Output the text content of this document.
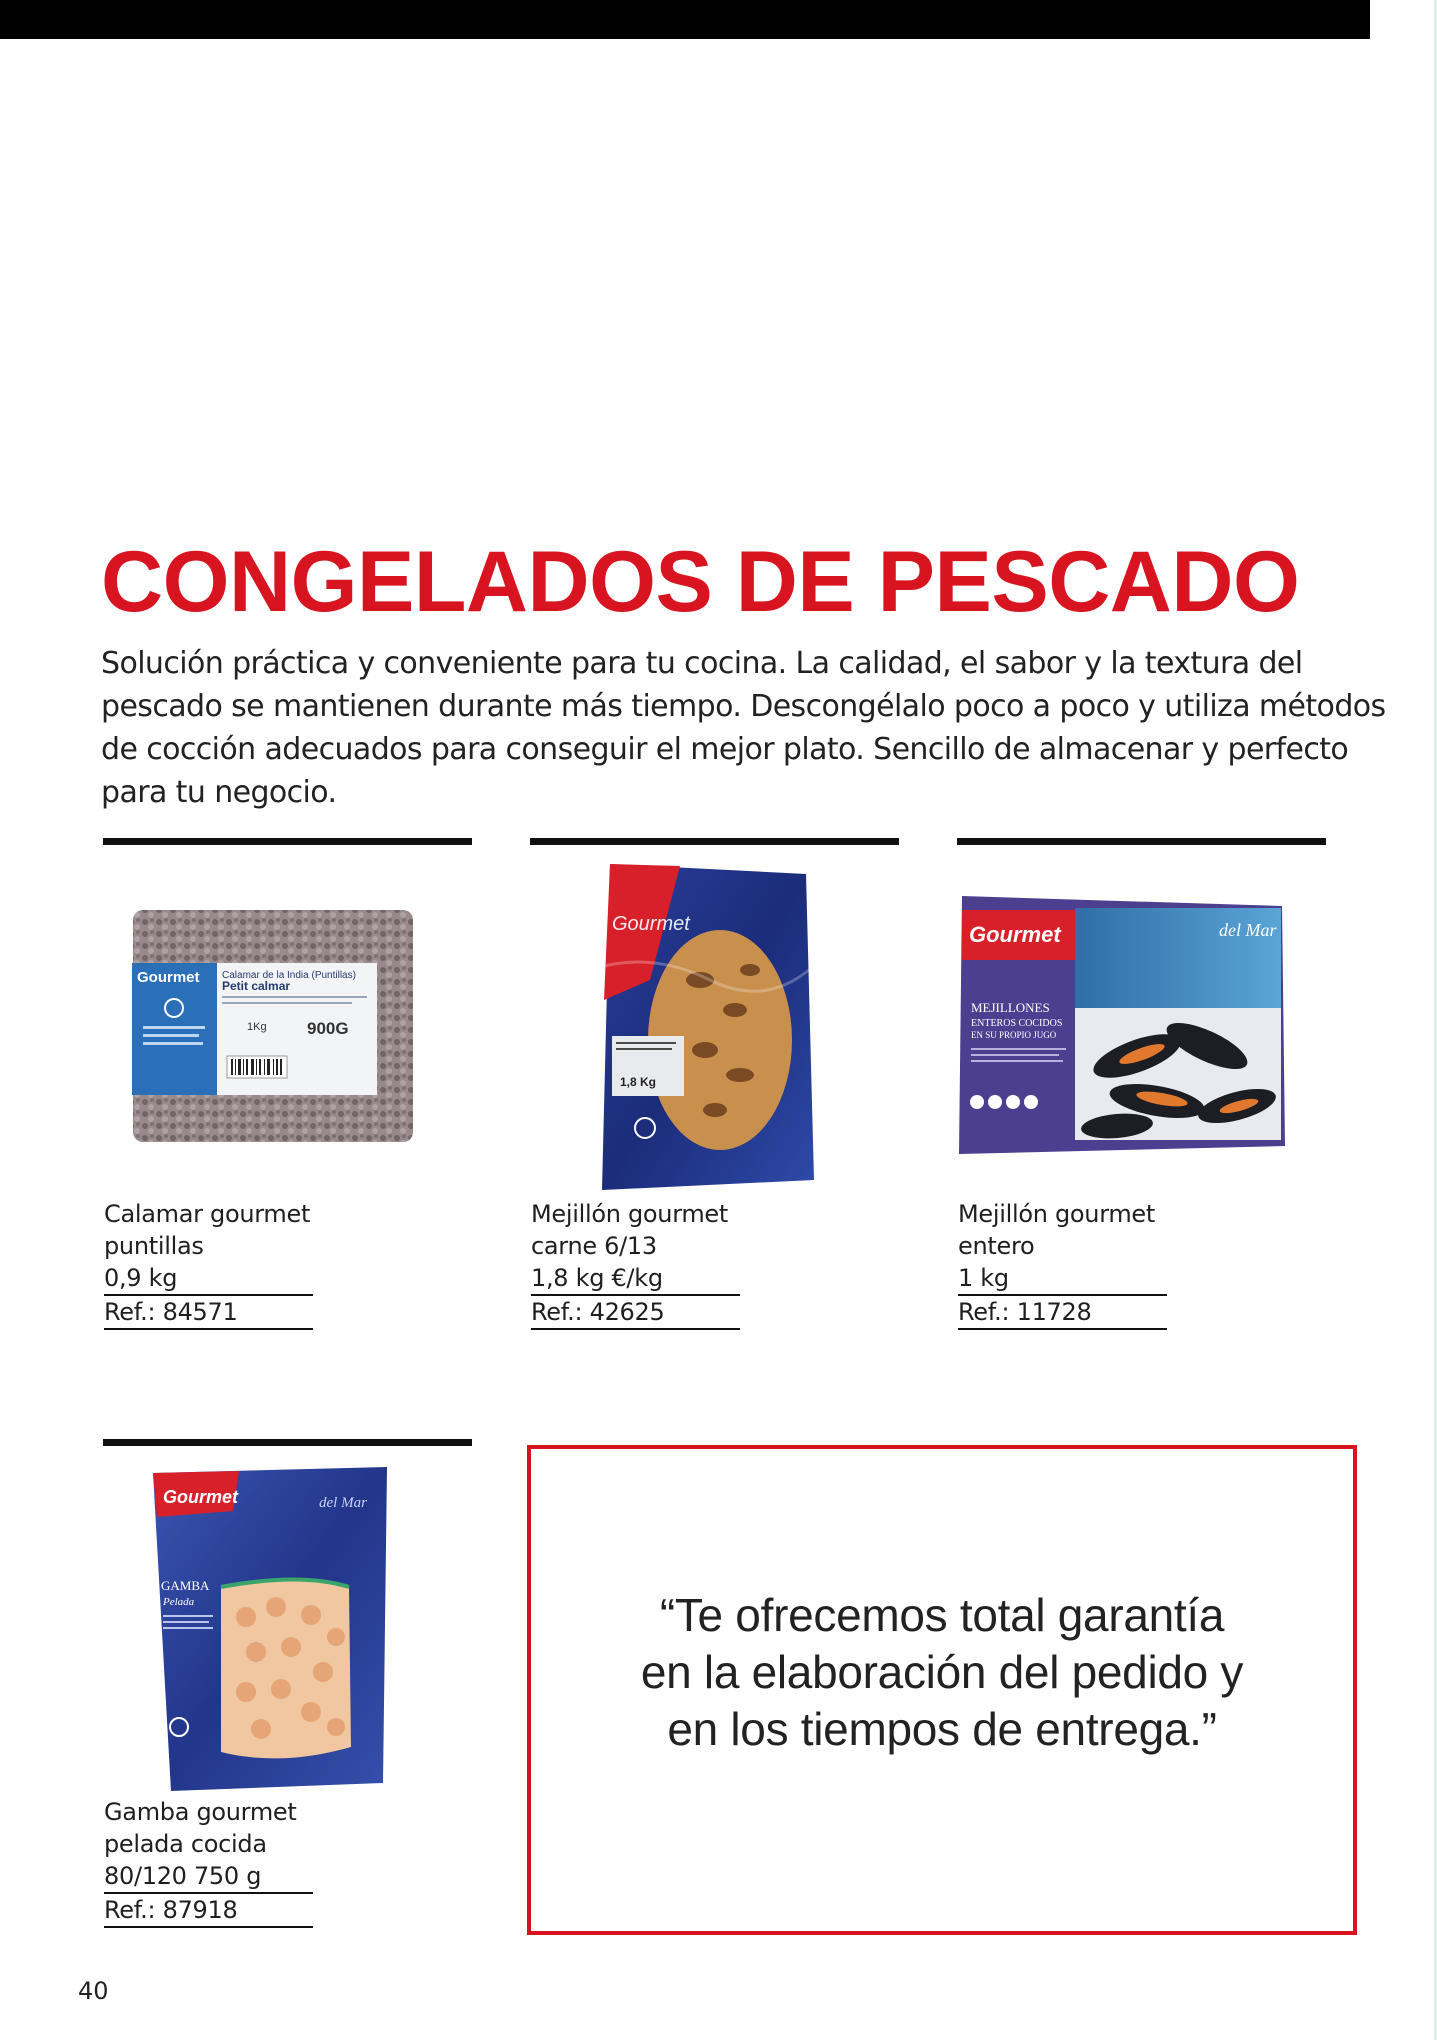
CONGELADOS DE PESCADO

Solución práctica y conveniente para tu cocina. La calidad, el sabor y la textura del pescado se mantienen durante más tiempo. Descongélalo poco a poco y utiliza métodos de cocción adecuados para conseguir el mejor plato. Sencillo de almacenar y perfecto para tu negocio.

Gourmet Calamar de la India (Puntillas)
Petit calmar
1Kg 900G
Calamar gourmet
puntillas
0,9 kg
Ref.: 84571
Gourmet
1,8 Kg
Mejillón gourmet
carne 6/13
1,8 kg €/kg
Ref.: 42625
Gourmet	del Mar
MEJILLONES
ENTEROS COCIDOS
EN SU PROPIO JUGO
Mejillón gourmet
entero
1 kg
Ref.: 11728
Gourmet	del Mar
GAMBA
Pelada
Gamba gourmet
pelada cocida
80/120 750 g
Ref.: 87918
“Te ofrecemos total garantía
en la elaboración del pedido y
en los tiempos de entrega.”
40
